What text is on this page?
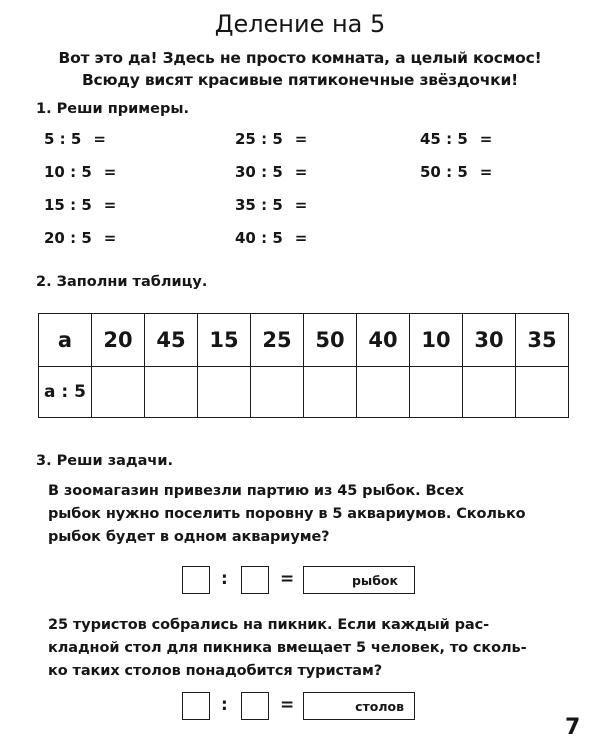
Деление на 5
Вот это да! Здесь не просто комната, а целый космос!
Всюду висят красивые пятиконечные звёздочки!
1. Реши примеры.
5 : 5 =
10 : 5 =
15 : 5 =
20 : 5 =
25 : 5 =
30 : 5 =
35 : 5 =
40 : 5 =
45 : 5 =
50 : 5 =
2. Заполни таблицу.
a	20	45	15	25	50	40	10	30	35
a : 5									
3. Реши задачи.
В зоомагазин привезли партию из 45 рыбок. Всех
рыбок нужно поселить поровну в 5 аквариумов. Сколько
рыбок будет в одном аквариуме?
:	=	рыбок
25 туристов собрались на пикник. Если каждый рас-
кладной стол для пикника вмещает 5 человек, то сколь-
ко таких столов понадобится туристам?
:	=	столов
7
